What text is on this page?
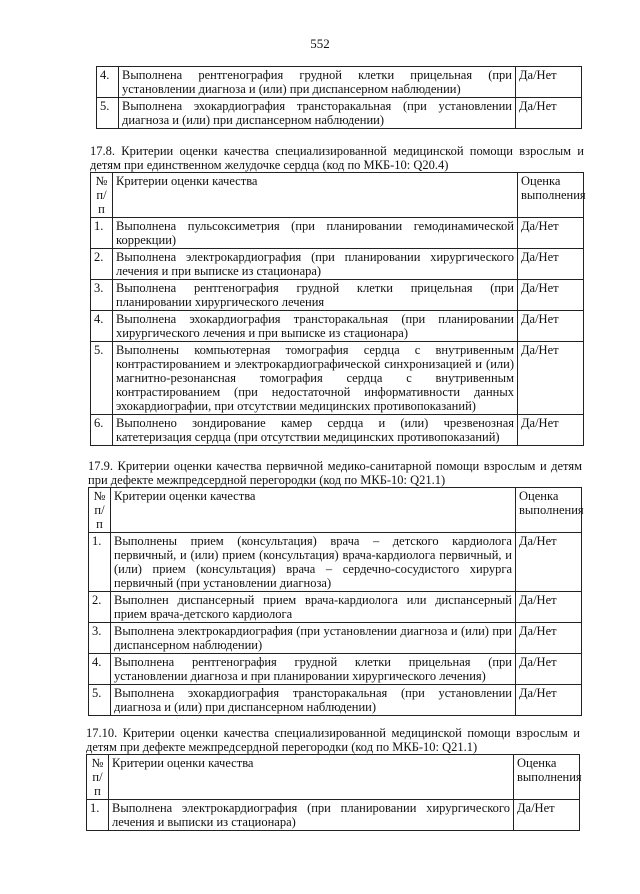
552
4.	Выполнена рентгенография грудной клетки прицельная (при установлении диагноза и (или) при диспансерном наблюдении)	Да/Нет
5.	Выполнена эхокардиография трансторакальная (при установлении диагноза и (или) при диспансерном наблюдении)	Да/Нет
17.8. Критерии оценки качества специализированной медицинской помощи взрослым и детям при единственном желудочке сердца (код по МКБ-10: Q20.4)
№ п/п	Критерии оценки качества	Оценка выполнения
1.	Выполнена пульсоксиметрия (при планировании гемодинамической коррекции)	Да/Нет
2.	Выполнена электрокардиография (при планировании хирургического лечения и при выписке из стационара)	Да/Нет
3.	Выполнена рентгенография грудной клетки прицельная (при планировании хирургического лечения	Да/Нет
4.	Выполнена эхокардиография трансторакальная (при планировании хирургического лечения и при выписке из стационара)	Да/Нет
5.	Выполнены компьютерная томография сердца с внутривенным контрастированием и электрокардиографической синхронизацией и (или) магнитно-резонансная томография сердца с внутривенным контрастированием (при недостаточной информативности данных эхокардиографии, при отсутствии медицинских противопоказаний)	Да/Нет
6.	Выполнено зондирование камер сердца и (или) чрезвенозная катетеризация сердца (при отсутствии медицинских противопоказаний)	Да/Нет
17.9. Критерии оценки качества первичной медико-санитарной помощи взрослым и детям при дефекте межпредсердной перегородки (код по МКБ-10: Q21.1)
№ п/п	Критерии оценки качества	Оценка выполнения
1.	Выполнены прием (консультация) врача – детского кардиолога первичный, и (или) прием (консультация) врача-кардиолога первичный, и (или) прием (консультация) врача – сердечно-сосудистого хирурга первичный (при установлении диагноза)	Да/Нет
2.	Выполнен диспансерный прием врача-кардиолога или диспансерный прием врача-детского кардиолога	Да/Нет
3.	Выполнена электрокардиография (при установлении диагноза и (или) при диспансерном наблюдении)	Да/Нет
4.	Выполнена рентгенография грудной клетки прицельная (при установлении диагноза и при планировании хирургического лечения)	Да/Нет
5.	Выполнена эхокардиография трансторакальная (при установлении диагноза и (или) при диспансерном наблюдении)	Да/Нет
17.10. Критерии оценки качества специализированной медицинской помощи взрослым и детям при дефекте межпредсердной перегородки (код по МКБ-10: Q21.1)
№ п/п	Критерии оценки качества	Оценка выполнения
1.	Выполнена электрокардиография (при планировании хирургического лечения и выписки из стационара)	Да/Нет
